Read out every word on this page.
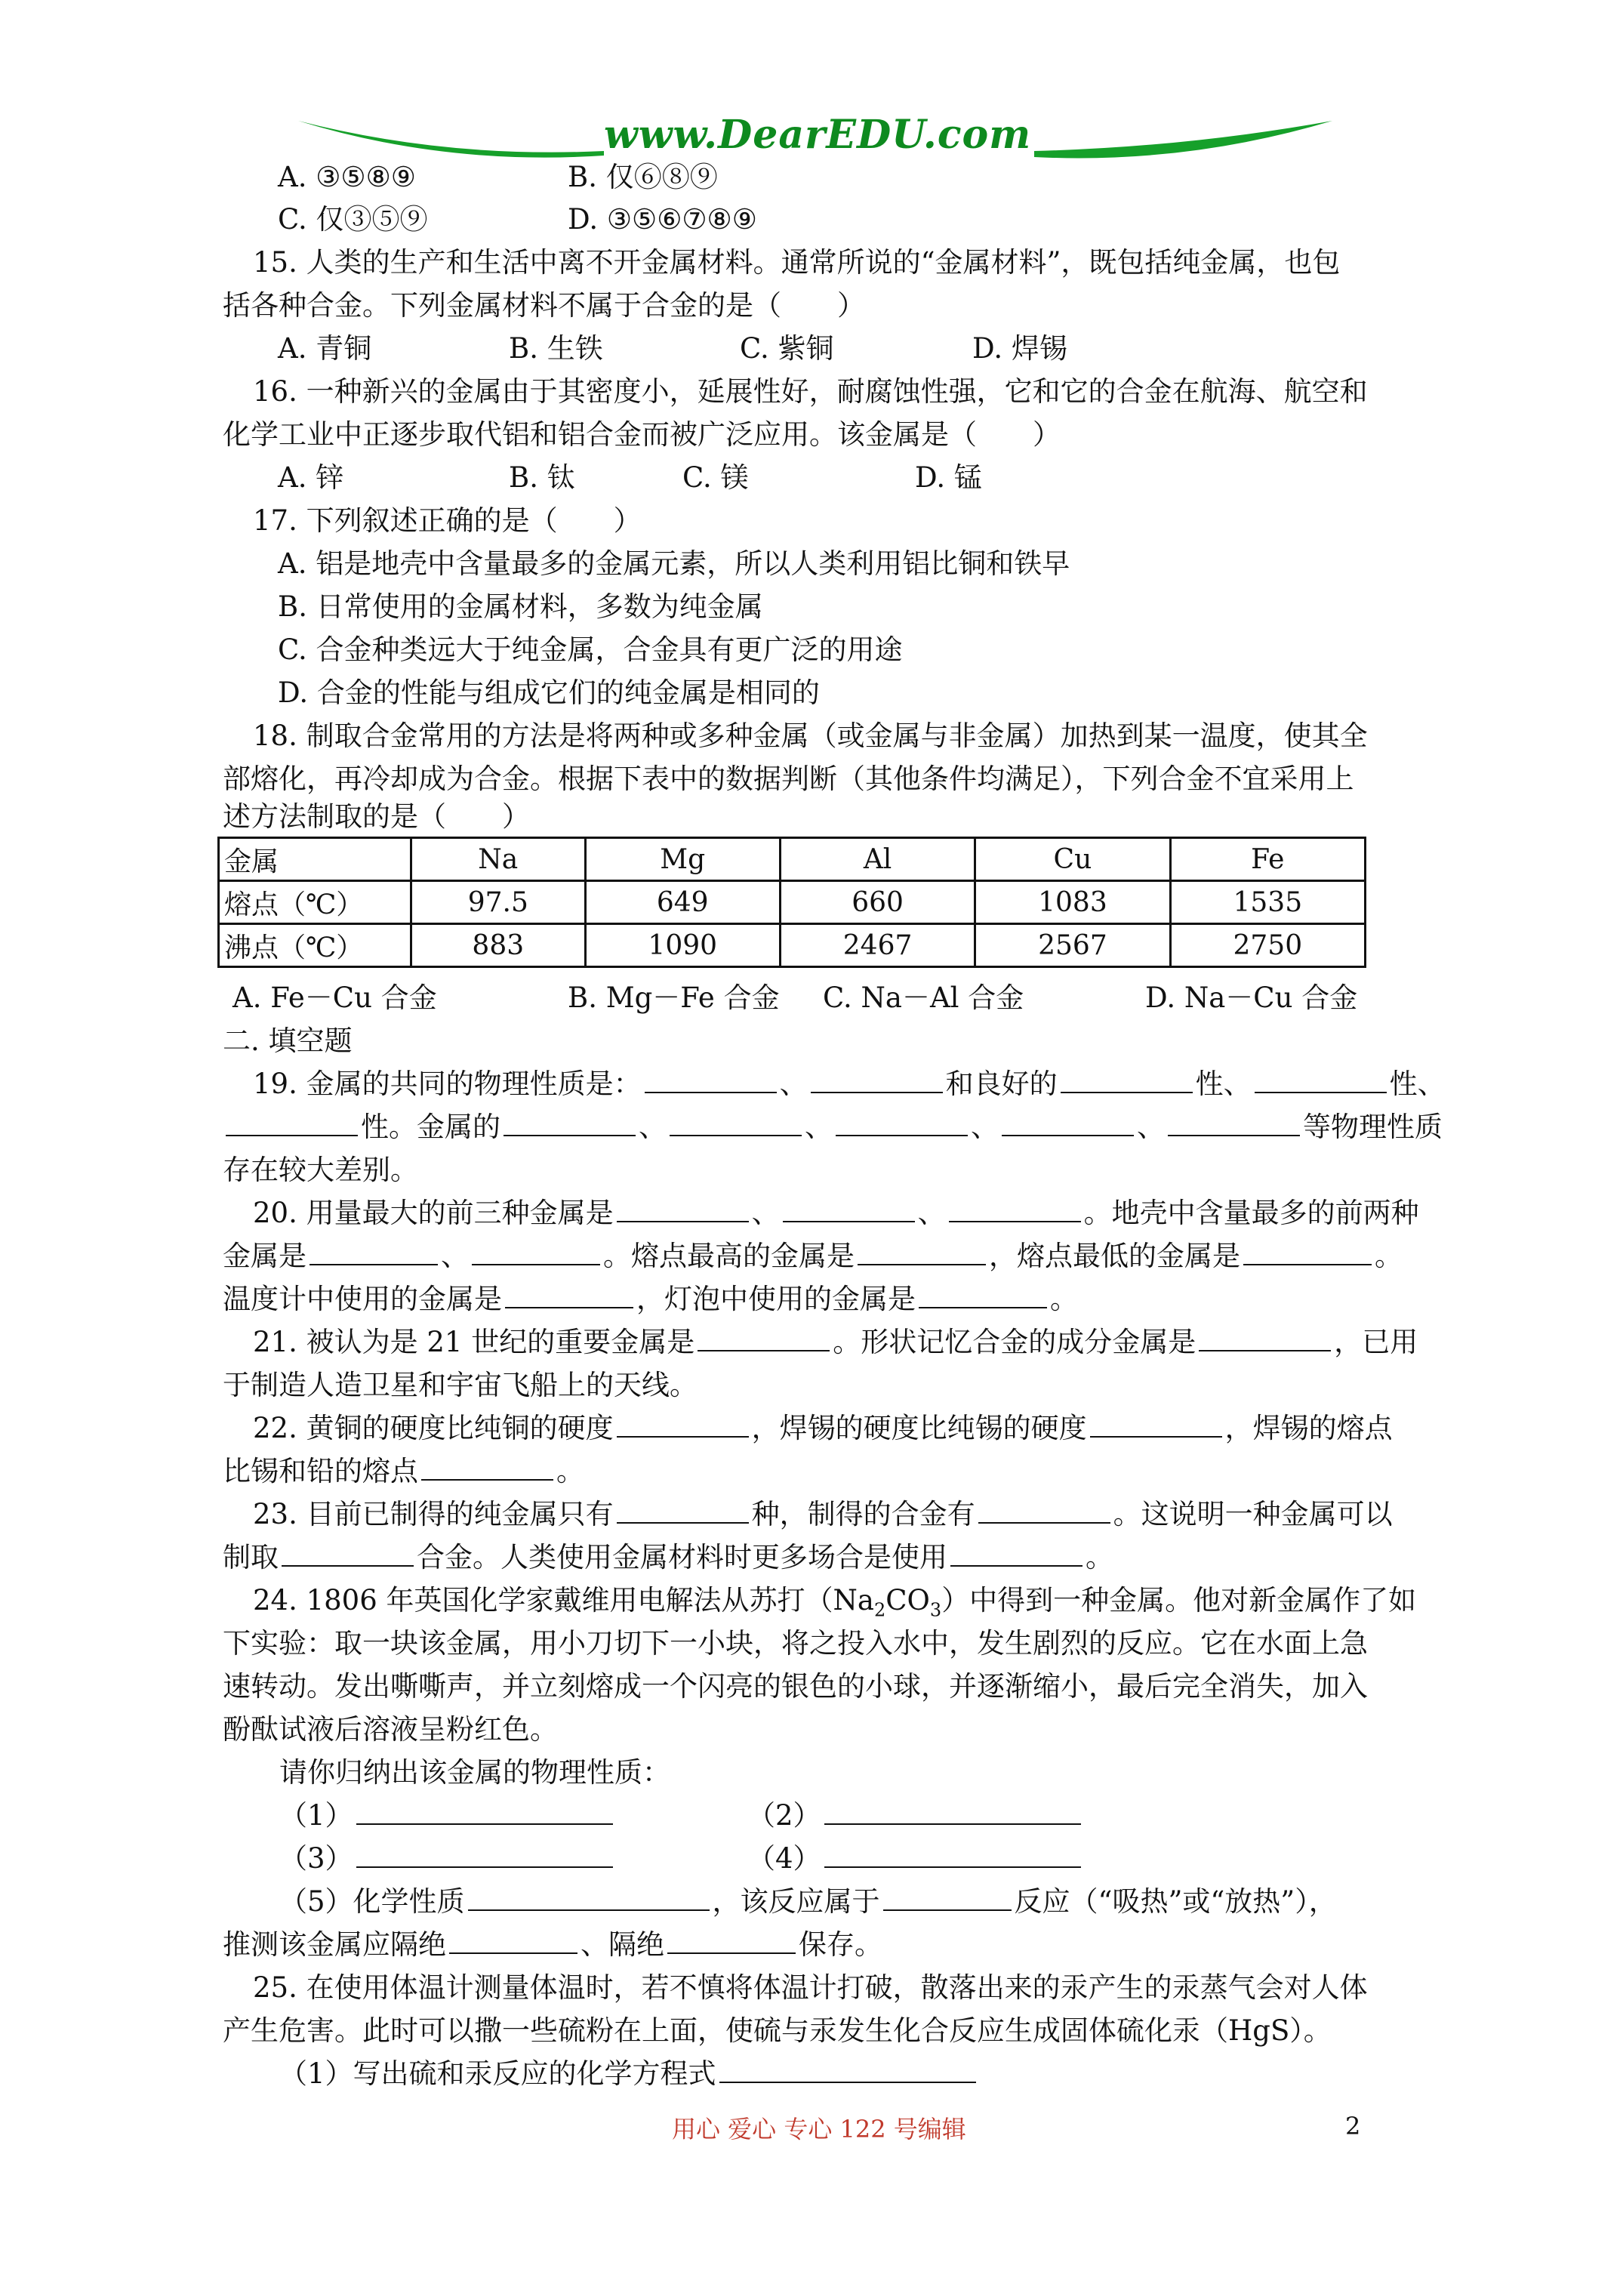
www.DearEDU.com
A. ③⑤⑧⑨	B. 仅⑥⑧⑨
C. 仅③⑤⑨	D. ③⑤⑥⑦⑧⑨
15. 人类的生产和生活中离不开金属材料。通常所说的“金属材料”，既包括纯金属，也包
括各种合金。下列金属材料不属于合金的是（　　）
A. 青铜	B. 生铁	C. 紫铜	D. 焊锡
16. 一种新兴的金属由于其密度小，延展性好，耐腐蚀性强，它和它的合金在航海、航空和
化学工业中正逐步取代铝和铝合金而被广泛应用。该金属是（　　）
A. 锌	B. 钛	C. 镁	D. 锰
17. 下列叙述正确的是（　　）
A. 铝是地壳中含量最多的金属元素，所以人类利用铝比铜和铁早
B. 日常使用的金属材料，多数为纯金属
C. 合金种类远大于纯金属，合金具有更广泛的用途
D. 合金的性能与组成它们的纯金属是相同的
18. 制取合金常用的方法是将两种或多种金属（或金属与非金属）加热到某一温度，使其全
部熔化，再冷却成为合金。根据下表中的数据判断（其他条件均满足），下列合金不宜采用上
述方法制取的是（　　）
金属	Na	Mg	Al	Cu	Fe
熔点（℃）	97.5	649	660	1083	1535
沸点（℃）	883	1090	2467	2567	2750
A. Fe－Cu 合金	B. Mg－Fe 合金 C. Na－Al 合金	D. Na－Cu 合金
二. 填空题
19. 金属的共同的物理性质是：	、	和良好的	性、	性、
性。金属的	、	、	、	、	等物理性质
存在较大差别。
20. 用量最大的前三种金属是	、	、	。地壳中含量最多的前两种
金属是	、	。熔点最高的金属是	，熔点最低的金属是	。
温度计中使用的金属是	，灯泡中使用的金属是	。
21. 被认为是 21 世纪的重要金属是	。形状记忆合金的成分金属是	，已用
于制造人造卫星和宇宙飞船上的天线。
22. 黄铜的硬度比纯铜的硬度	，焊锡的硬度比纯锡的硬度	，焊锡的熔点
比锡和铅的熔点	。
23. 目前已制得的纯金属只有	种，制得的合金有	。这说明一种金属可以
制取	合金。人类使用金属材料时更多场合是使用	。
24. 1806 年英国化学家戴维用电解法从苏打$(Na_2CO_3)$中得到一种金属。他对新金属作了如
下实验：取一块该金属，用小刀切下一小块，将之投入水中，发生剧烈的反应。它在水面上急
速转动。发出嘶嘶声，并立刻熔成一个闪亮的银色的小球，并逐渐缩小，最后完全消失，加入
酚酞试液后溶液呈粉红色。
请你归纳出该金属的物理性质：
（1）	（2）
（3）	（4）
（5）化学性质	，该反应属于	反应（“吸热”或“放热”），
推测该金属应隔绝	、隔绝	保存。
25. 在使用体温计测量体温时，若不慎将体温计打破，散落出来的汞产生的汞蒸气会对人体
产生危害。此时可以撒一些硫粉在上面，使硫与汞发生化合反应生成固体硫化汞（HgS）。
（1）写出硫和汞反应的化学方程式
用心 爱心 专心 122 号编辑	2
